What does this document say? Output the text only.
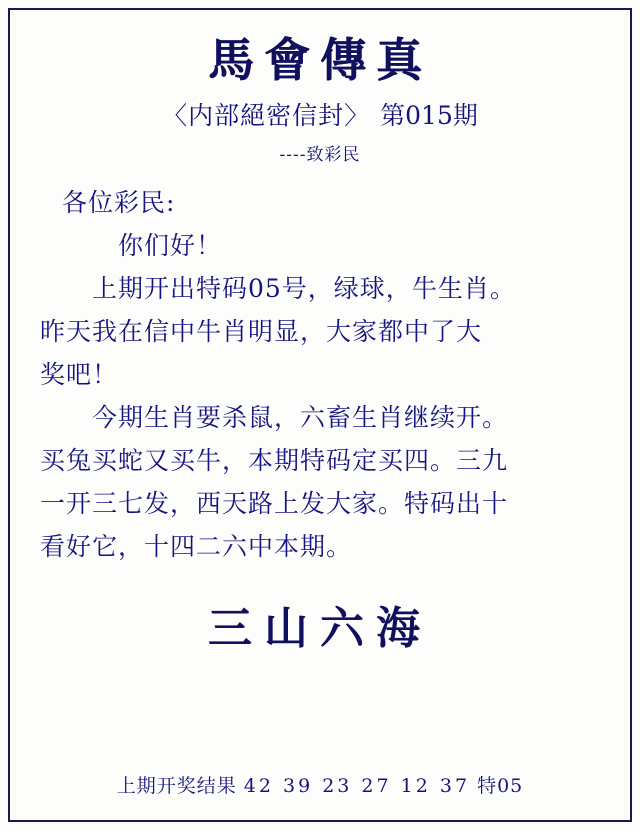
馬會傳真
〈内部絕密信封〉 第015期
----致彩民
各位彩民:
你们好！
上期开出特码05号，绿球，牛生肖。
昨天我在信中牛肖明显，大家都中了大
奖吧！
今期生肖要杀鼠，六畜生肖继续开。
买兔买蛇又买牛，本期特码定买四。三九
一开三七发，西天路上发大家。特码出十
看好它，十四二六中本期。
三山六海
上期开奖结果 42 39 23 27 12 37 特05
